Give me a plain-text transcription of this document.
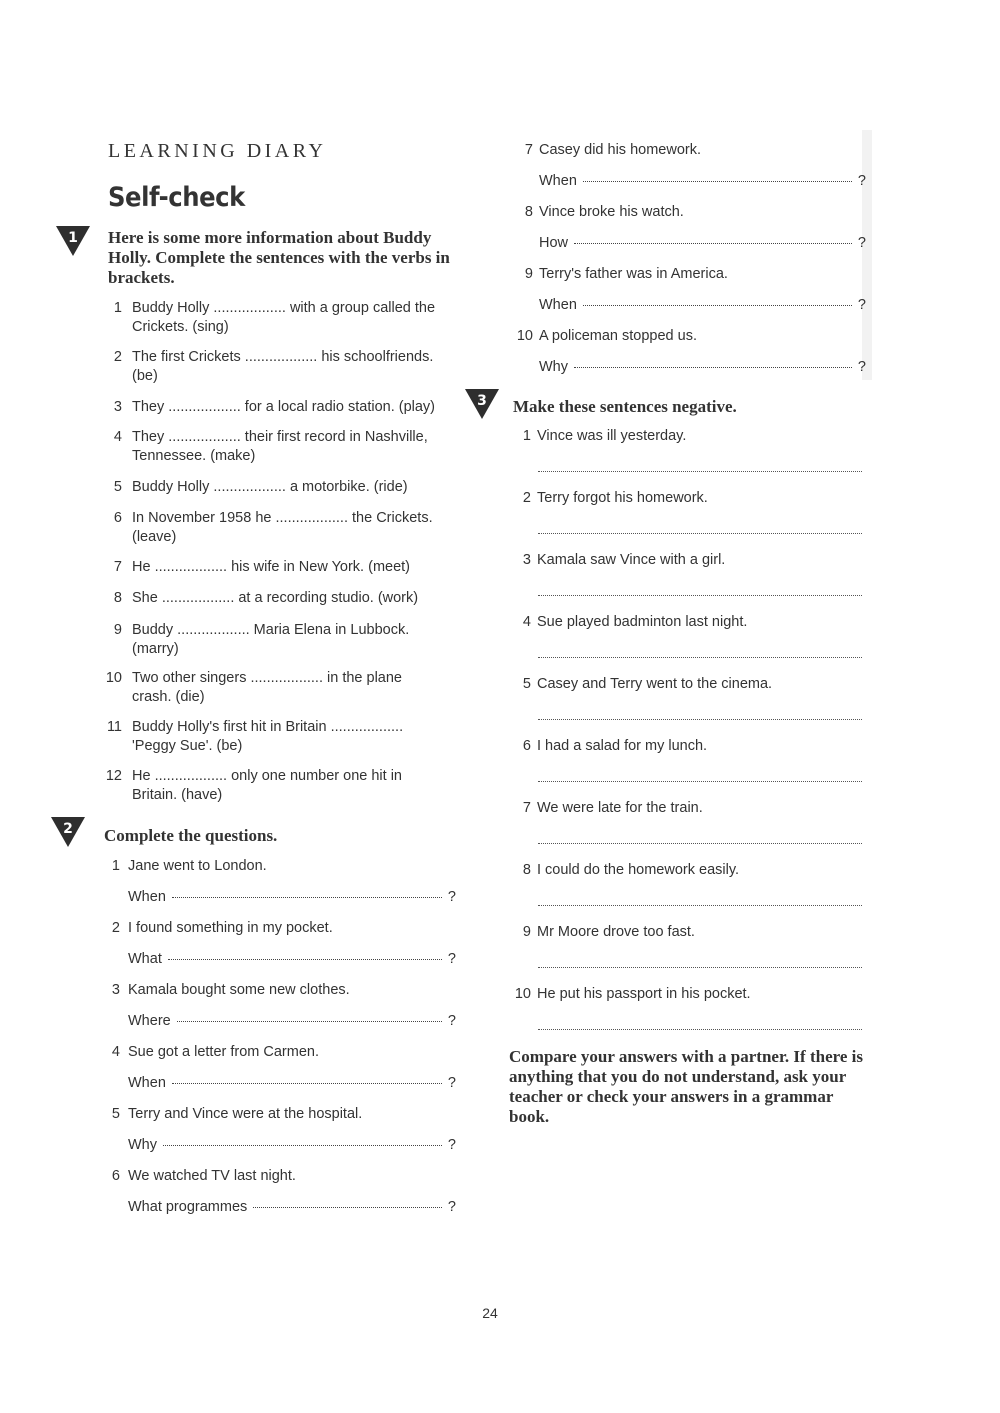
LEARNING DIARY
Self-check
1	Here is some more information about Buddy Holly. Complete the sentences with the verbs in brackets.

1 Buddy Holly .................. with a group called the
Crickets. (sing)
2 The first Crickets .................. his schoolfriends.
(be)
3 They .................. for a local radio station. (play)
4 They .................. their first record in Nashville,
Tennessee. (make)
5 Buddy Holly .................. a motorbike. (ride)
6 In November 1958 he .................. the Crickets.
(leave)
7 He .................. his wife in New York. (meet)
8 She .................. at a recording studio. (work)
9 Buddy .................. Maria Elena in Lubbock.
(marry)
10 Two other singers .................. in the plane
crash. (die)
11 Buddy Holly's first hit in Britain ..................
'Peggy Sue'. (be)
12 He .................. only one number one hit in
Britain. (have)
2	Complete the questions.

1 Jane went to London.
When	?
2 I found something in my pocket.
What	?
3 Kamala bought some new clothes.
Where	?
4 Sue got a letter from Carmen.
When	?
5 Terry and Vince were at the hospital.
Why	?
6 We watched TV last night.
What programmes	?
7 Casey did his homework.
When	?
8 Vince broke his watch.
How	?
9 Terry's father was in America.
When	?
10 A policeman stopped us.
Why	?
3	Make these sentences negative.

1 Vince was ill yesterday.
2 Terry forgot his homework.
3 Kamala saw Vince with a girl.
4 Sue played badminton last night.
5 Casey and Terry went to the cinema.
6 I had a salad for my lunch.
7 We were late for the train.
8 I could do the homework easily.
9 Mr Moore drove too fast.
10 He put his passport in his pocket.

Compare your answers with a partner. If there is anything that you do not understand, ask your teacher or check your answers in a grammar book.

24
